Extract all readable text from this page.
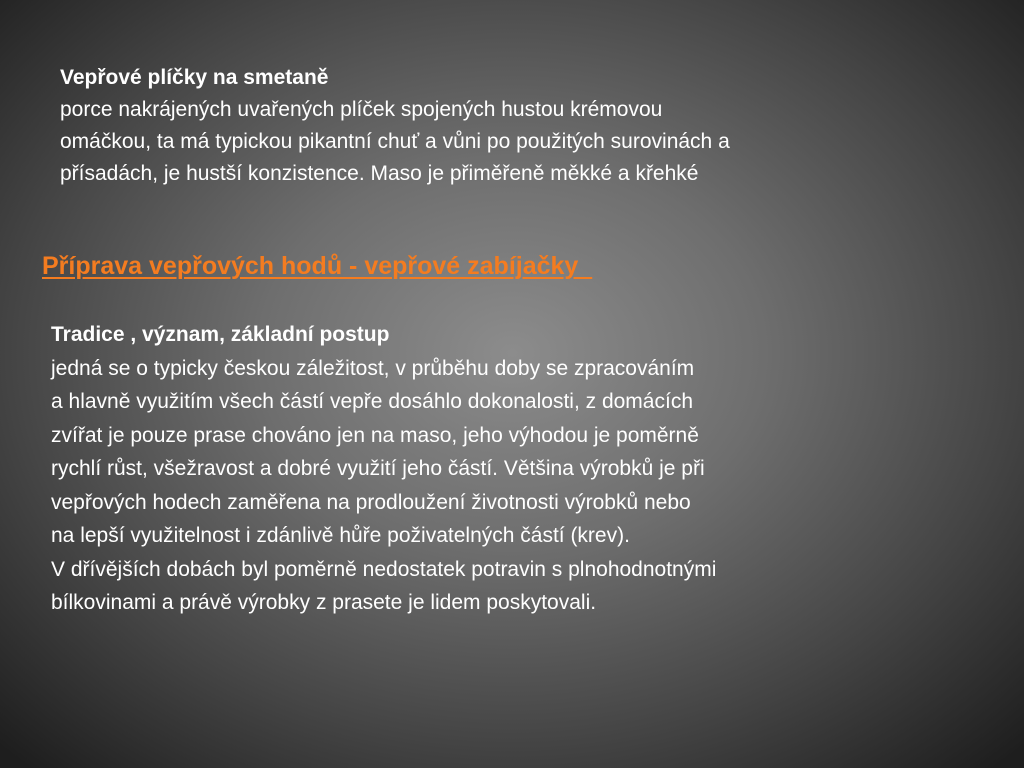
Vepřové plíčky na smetaně
porce nakrájených uvařených plíček spojených hustou krémovou
omáčkou, ta má typickou pikantní chuť a vůni po použitých surovinách a
přísadách, je hustší konzistence. Maso je přiměřeně měkké a křehké
Příprava vepřových hodů - vepřové zabíjačky
Tradice , význam, základní postup
jedná se o typicky českou záležitost, v průběhu doby se zpracováním
a hlavně využitím všech částí vepře dosáhlo dokonalosti, z domácích
zvířat je pouze prase chováno jen na maso, jeho výhodou je poměrně
rychlí růst, všežravost a dobré využití jeho částí. Většina výrobků je při
vepřových hodech zaměřena na prodloužení životnosti výrobků nebo
na lepší využitelnost i zdánlivě hůře poživatelných částí (krev).
V dřívějších dobách byl poměrně nedostatek potravin s plnohodnotnými
bílkovinami a právě výrobky z prasete je lidem poskytovali.
